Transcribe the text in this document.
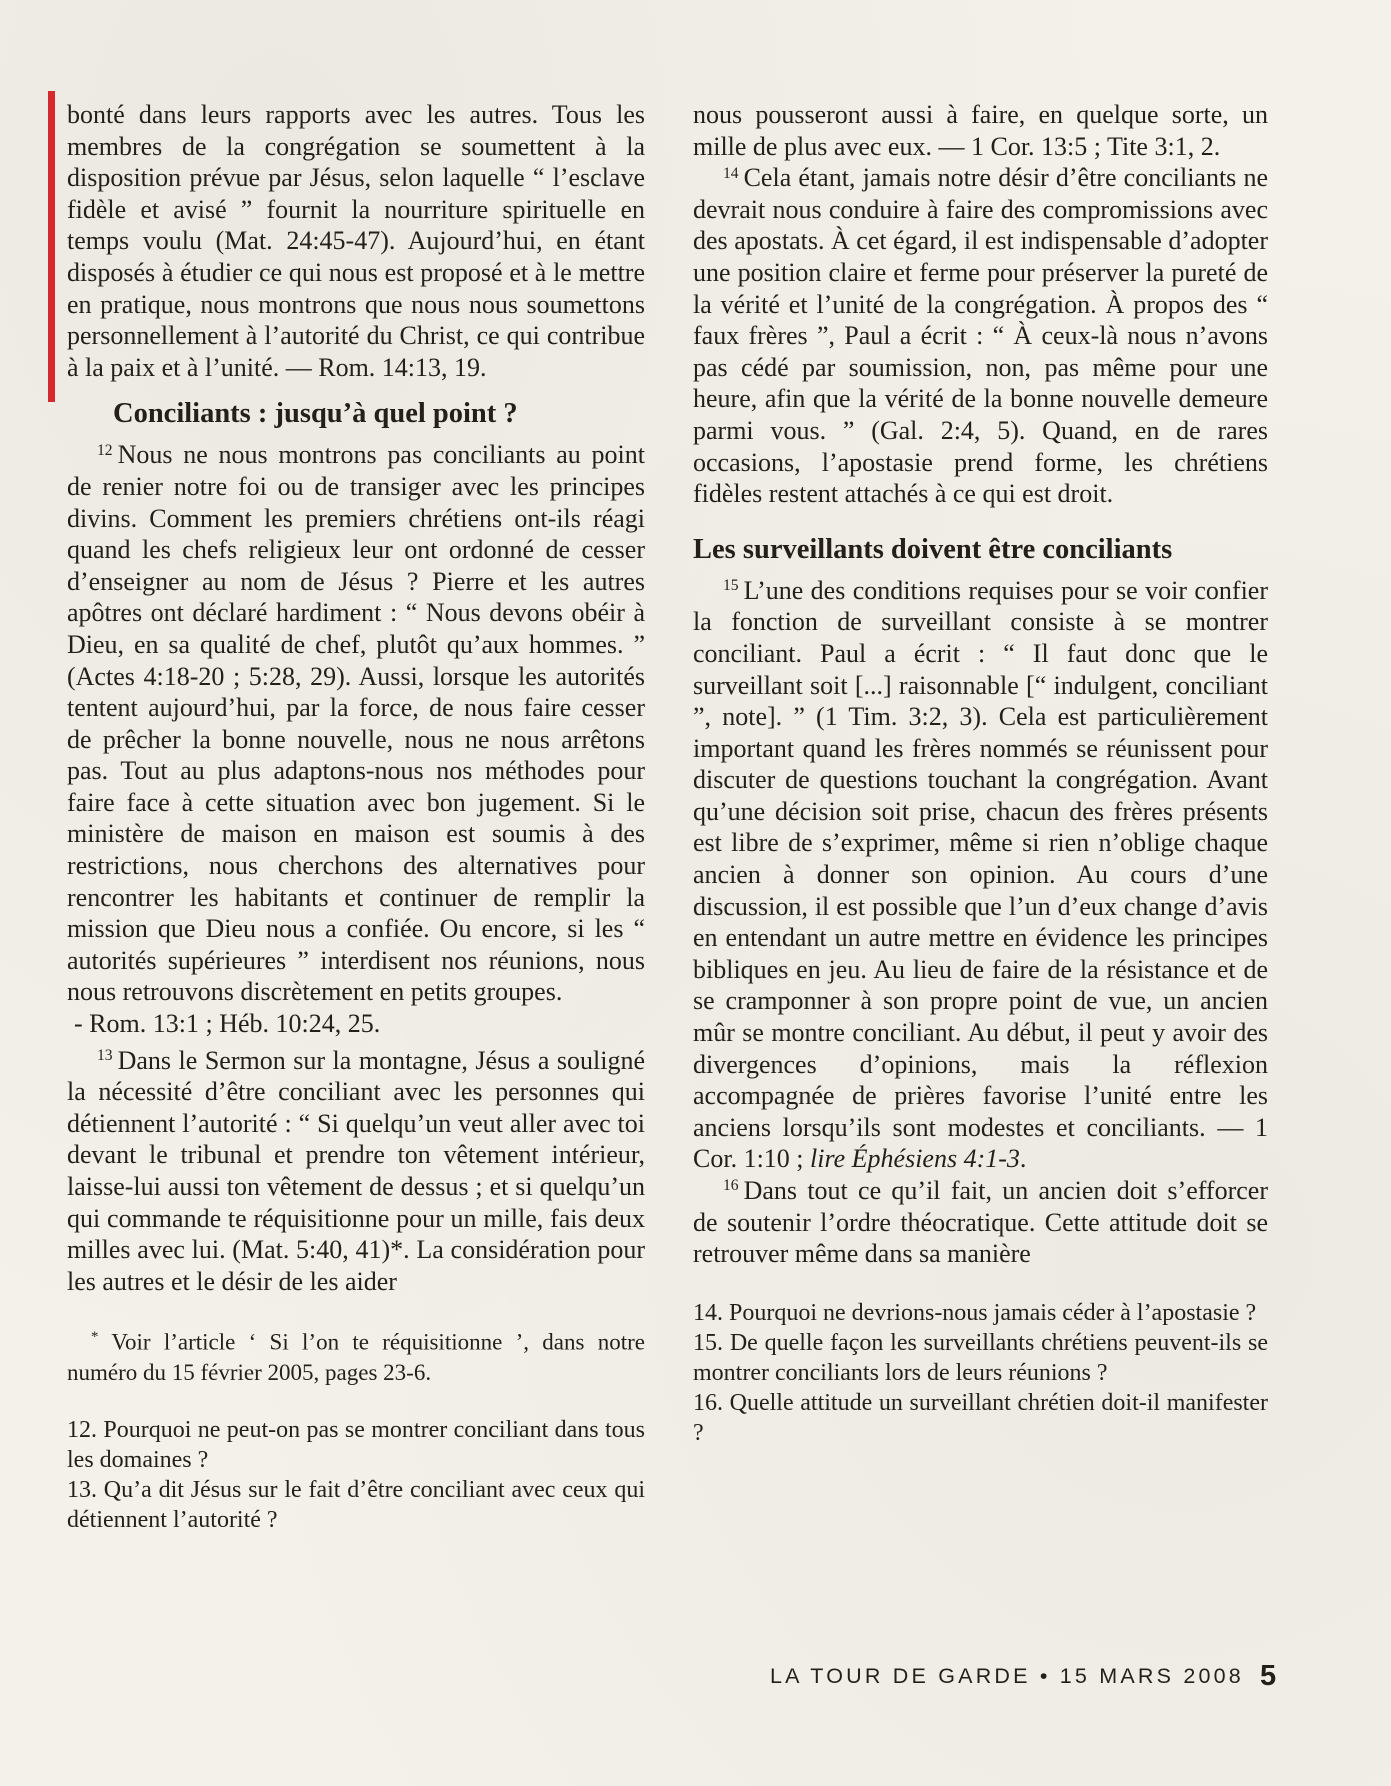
bonté dans leurs rapports avec les autres. Tous les membres de la congrégation se soumettent à la disposition prévue par Jésus, selon laquelle “ l’esclave fidèle et avisé ” fournit la nourriture spirituelle en temps voulu (Mat. 24:45-47). Aujourd’hui, en étant disposés à étudier ce qui nous est proposé et à le mettre en pratique, nous montrons que nous nous soumettons personnellement à l’autorité du Christ, ce qui contribue à la paix et à l’unité. — Rom. 14:13, 19.

Conciliants : jusqu’à quel point ?

$^{12}$ Nous ne nous montrons pas conciliants au point de renier notre foi ou de transiger avec les principes divins. Comment les premiers chrétiens ont-ils réagi quand les chefs religieux leur ont ordonné de cesser d’enseigner au nom de Jésus ? Pierre et les autres apôtres ont déclaré hardiment : “ Nous devons obéir à Dieu, en sa qualité de chef, plutôt qu’aux hommes. ” (Actes 4:18-20 ; 5:28, 29). Aussi, lorsque les autorités tentent aujourd’hui, par la force, de nous faire cesser de prêcher la bonne nouvelle, nous ne nous arrêtons pas. Tout au plus adaptons-nous nos méthodes pour faire face à cette situation avec bon jugement. Si le ministère de maison en maison est soumis à des restrictions, nous cherchons des alternatives pour rencontrer les habitants et continuer de remplir la mission que Dieu nous a confiée. Ou encore, si les “ autorités supérieures ” interdisent nos réunions, nous nous retrouvons discrètement en petits groupes.

- Rom. 13:1 ; Héb. 10:24, 25.

$^{13}$ Dans le Sermon sur la montagne, Jésus a souligné la nécessité d’être conciliant avec les personnes qui détiennent l’autorité : “ Si quelqu’un veut aller avec toi devant le tribunal et prendre ton vêtement intérieur, laisse-lui aussi ton vêtement de dessus ; et si quelqu’un qui commande te réquisitionne pour un mille, fais deux milles avec lui. (Mat. 5:40, 41)*. La considération pour les autres et le désir de les aider

* Voir l’article ‘ Si l’on te réquisitionne ’, dans notre numéro du 15 février 2005, pages 23-6.

12. Pourquoi ne peut-on pas se montrer conciliant dans tous les domaines ?

13. Qu’a dit Jésus sur le fait d’être conciliant avec ceux qui détiennent l’autorité ?

nous pousseront aussi à faire, en quelque sorte, un mille de plus avec eux. — 1 Cor. 13:5 ; Tite 3:1, 2.

$^{14}$ Cela étant, jamais notre désir d’être conciliants ne devrait nous conduire à faire des compromissions avec des apostats. À cet égard, il est indispensable d’adopter une position claire et ferme pour préserver la pureté de la vérité et l’unité de la congrégation. À propos des “ faux frères ”, Paul a écrit : “ À ceux-là nous n’avons pas cédé par soumission, non, pas même pour une heure, afin que la vérité de la bonne nouvelle demeure parmi vous. ” (Gal. 2:4, 5). Quand, en de rares occasions, l’apostasie prend forme, les chrétiens fidèles restent attachés à ce qui est droit.

Les surveillants doivent être conciliants

$^{15}$ L’une des conditions requises pour se voir confier la fonction de surveillant consiste à se montrer conciliant. Paul a écrit : “ Il faut donc que le surveillant soit [...] raisonnable [“ indulgent, conciliant ”, note]. ” (1 Tim. 3:2, 3). Cela est particulièrement important quand les frères nommés se réunissent pour discuter de questions touchant la congrégation. Avant qu’une décision soit prise, chacun des frères présents est libre de s’exprimer, même si rien n’oblige chaque ancien à donner son opinion. Au cours d’une discussion, il est possible que l’un d’eux change d’avis en entendant un autre mettre en évidence les principes bibliques en jeu. Au lieu de faire de la résistance et de se cramponner à son propre point de vue, un ancien mûr se montre conciliant. Au début, il peut y avoir des divergences d’opinions, mais la réflexion accompagnée de prières favorise l’unité entre les anciens lorsqu’ils sont modestes et conciliants. — 1 Cor. 1:10 ; lire Éphésiens 4:1-3.

$^{16}$ Dans tout ce qu’il fait, un ancien doit s’efforcer de soutenir l’ordre théocratique. Cette attitude doit se retrouver même dans sa manière

14. Pourquoi ne devrions-nous jamais céder à l’apostasie ?

15. De quelle façon les surveillants chrétiens peuvent-ils se montrer conciliants lors de leurs réunions ?

16. Quelle attitude un surveillant chrétien doit-il manifester ?

LA TOUR DE GARDE • 15 MARS 2008 5
